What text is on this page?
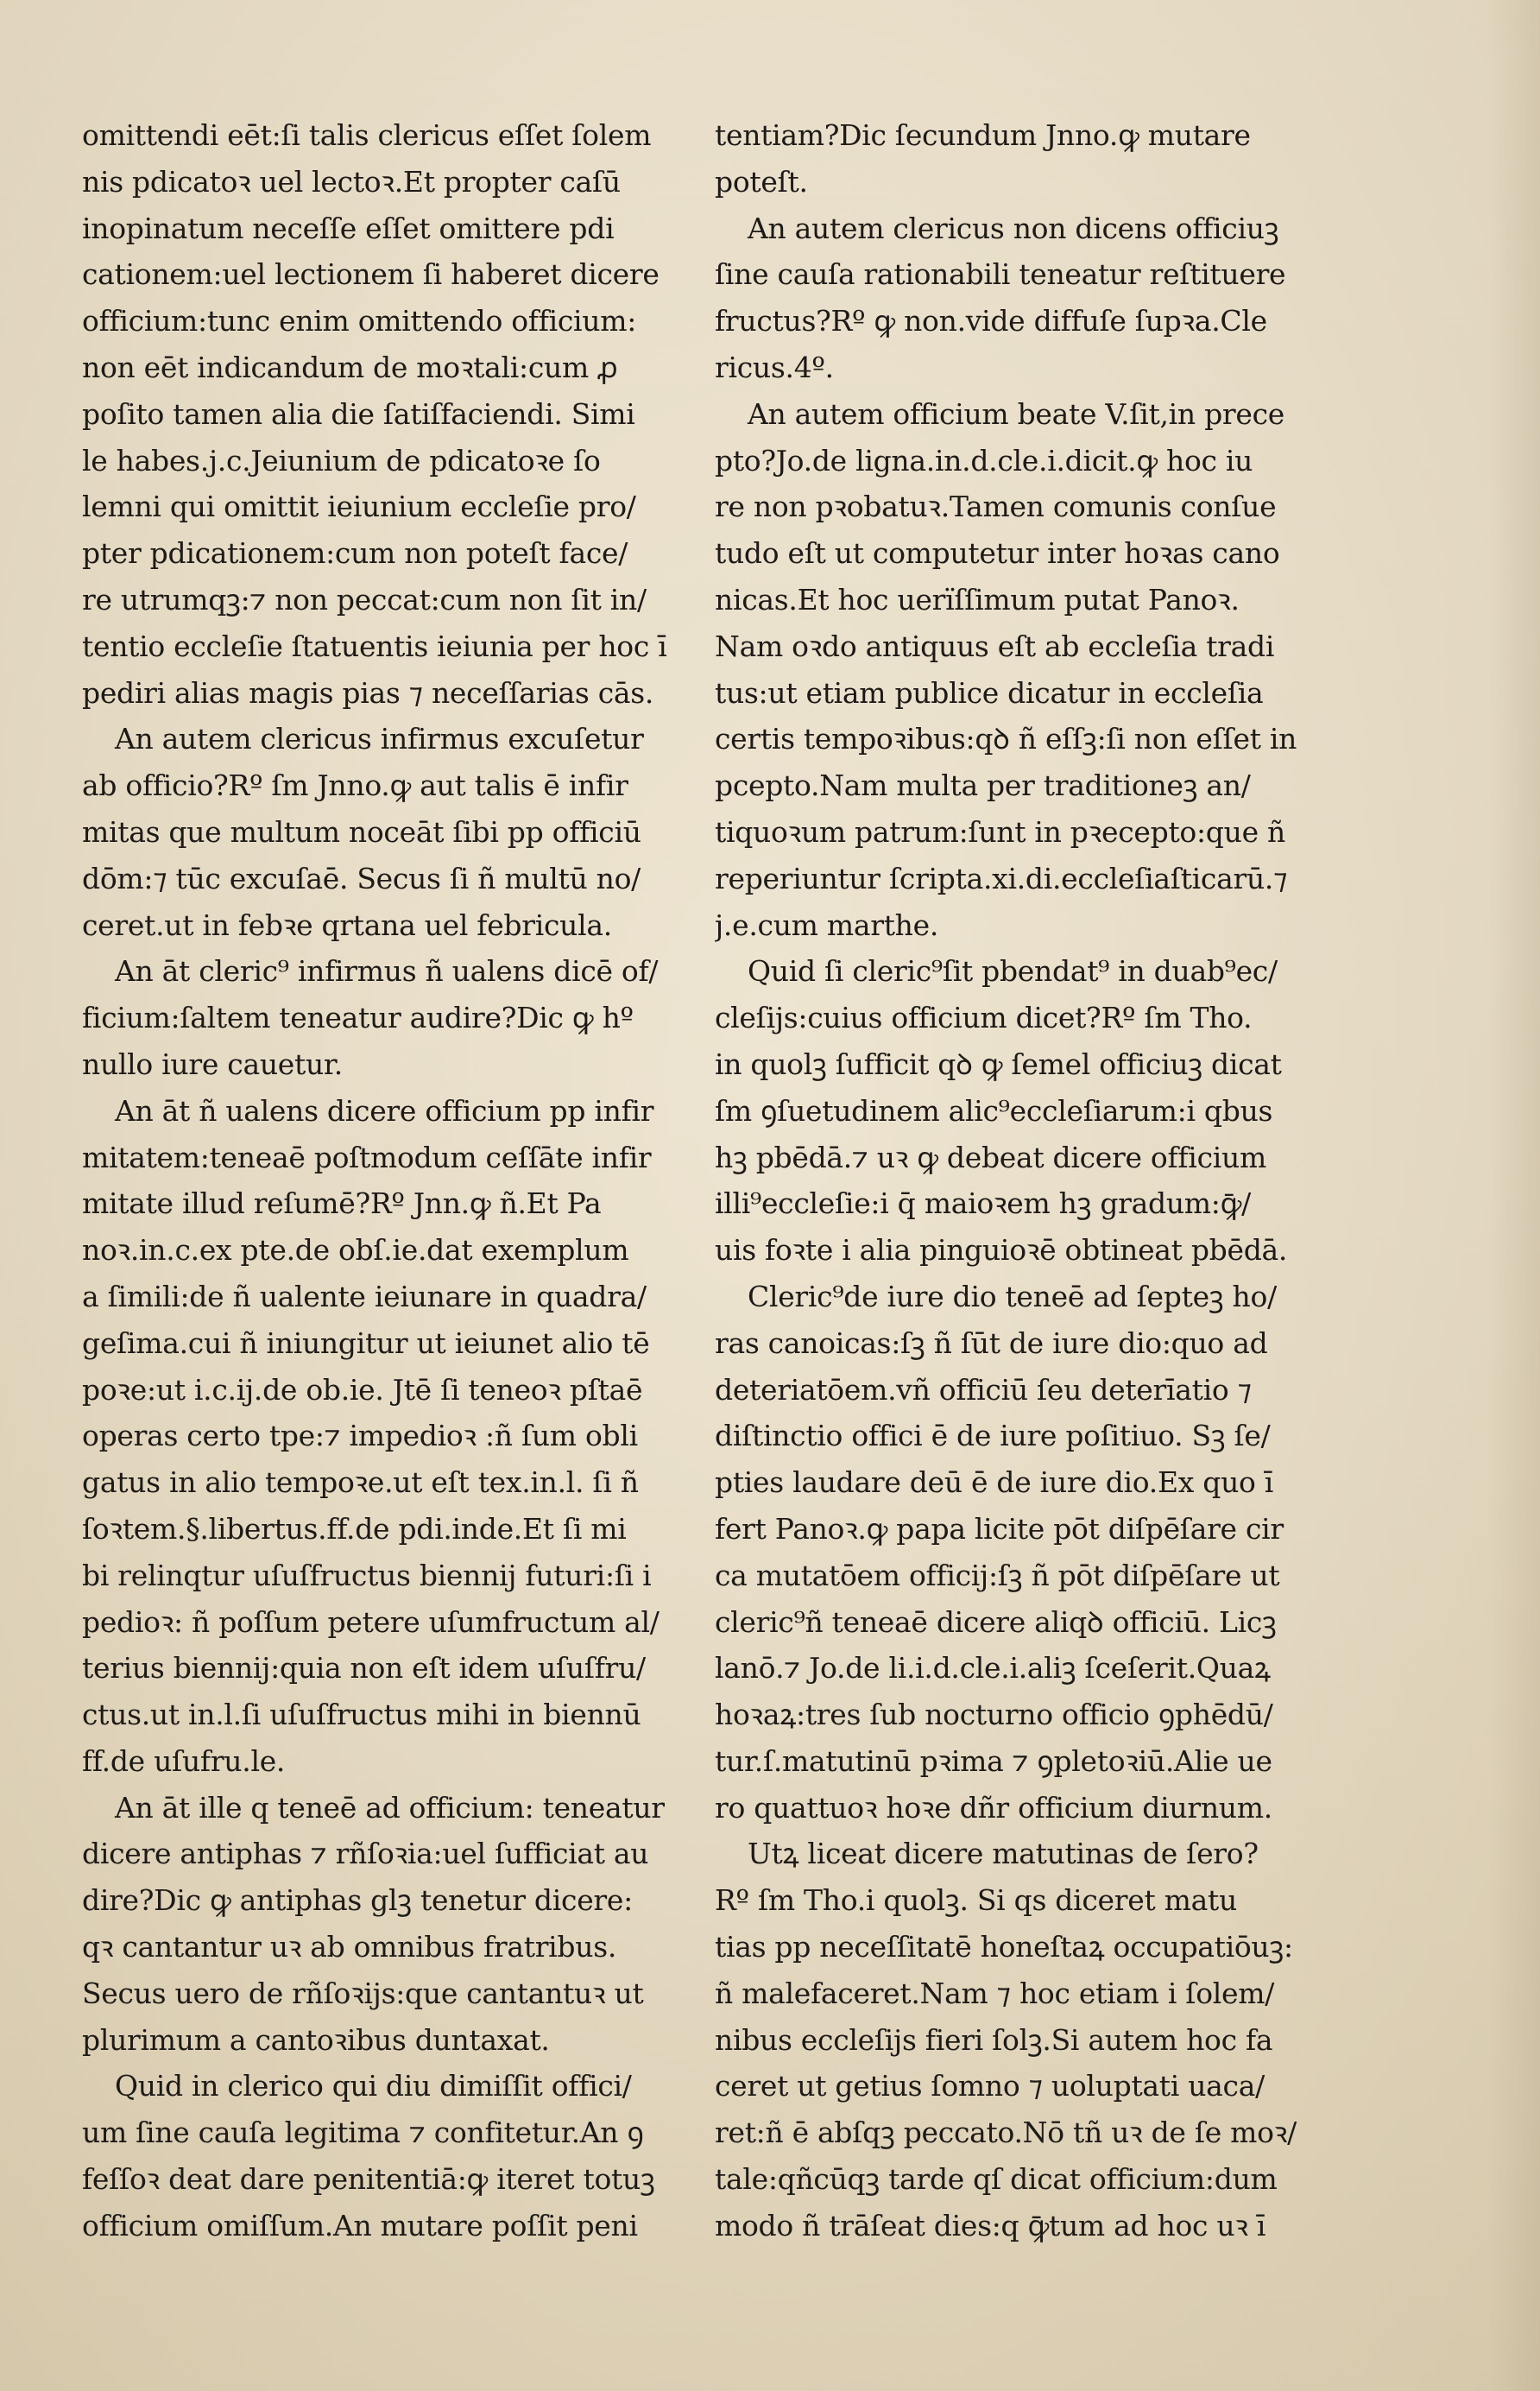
omittendi eēt:ſi talis clericus eſſet ſolem
nis pdicatoꝛ uel lectoꝛ.Et propter caſū
inopinatum neceſſe eſſet omittere pdi
cationem:uel lectionem ſi haberet dicere
officium:tunc enim omittendo officium:
non eēt indicandum de moꝛtali:cum ꝓ
poſito tamen alia die ſatiſfaciendi. Simi
le habes.j.c.Jeiunium de pdicatoꝛe ſo
lemni qui omittit ieiunium eccleſie pro/
pter pdicationem:cum non poteſt face/
re utrumqꝫ:⁊ non peccat:cum non ſit in/
tentio eccleſie ſtatuentis ieiunia per hoc ī
pediri alias magis pias ⁊ neceſſarias cās.
An autem clericus infirmus excuſetur
ab officio?Rº ſm Jnno.ꝙ aut talis ē infir
mitas que multum noceāt ſibi pp officiū
dōm:⁊ tūc excuſaē. Secus ſi ñ multū no/
ceret.ut in febꝛe qrtana uel febricula.
An āt cleric⁹ infirmus ñ ualens dicē of/
ficium:ſaltem teneatur audire?Dic ꝙ hº
nullo iure cauetur.
An āt ñ ualens dicere officium pp infir
mitatem:teneaē poſtmodum ceſſāte infir
mitate illud reſumē?Rº Jnn.ꝙ ñ.Et Pa
noꝛ.in.c.ex pte.de obſ.ie.dat exemplum
a ſimili:de ñ ualente ieiunare in quadra/
geſima.cui ñ iniungitur ut ieiunet alio tē
poꝛe:ut i.c.ij.de ob.ie. Jtē ſi teneoꝛ pſtaē
operas certo tpe:⁊ impedioꝛ :ñ ſum obli
gatus in alio tempoꝛe.ut eſt tex.in.l. ſi ñ
ſoꝛtem.§.libertus.ff.de pdi.inde.Et ſi mi
bi relinqtur uſuſfructus biennij futuri:ſi i
pedioꝛ: ñ poſſum petere uſumfructum al/
terius biennij:quia non eſt idem uſuſfru/
ctus.ut in.l.ſi uſuſfructus mihi in biennū
ff.de uſufru.le.
An āt ille q teneē ad officium: teneatur
dicere antiphas ⁊ rñſoꝛia:uel ſufficiat au
dire?Dic ꝙ antiphas glꝫ tenetur dicere:
qꝛ cantantur uꝛ ab omnibus fratribus.
Secus uero de rñſoꝛijs:que cantantuꝛ ut
plurimum a cantoꝛibus duntaxat.
Quid in clerico qui diu dimiſſit offici/
um ſine cauſa legitima ⁊ confitetur.An ꝯ
feſſoꝛ deat dare penitentiā:ꝙ iteret totuꝫ
officium omiſſum.An mutare poſſit peni
tentiam?Dic ſecundum Jnno.ꝙ mutare
poteſt.
An autem clericus non dicens officiuꝫ
ſine cauſa rationabili teneatur reſtituere
fructus?Rº ꝙ non.vide diffuſe ſupꝛa.Cle
ricus.4º.
An autem officium beate V.ſit,in prece
pto?Jo.de ligna.in.d.cle.i.dicit.ꝙ hoc iu
re non pꝛobatuꝛ.Tamen comunis conſue
tudo eſt ut computetur inter hoꝛas cano
nicas.Et hoc uerïſſimum putat Panoꝛ.
Nam oꝛdo antiquus eſt ab eccleſia tradi
tus:ut etiam publice dicatur in eccleſia
certis tempoꝛibus:qꝺ ñ eſſꝫ:ſi non eſſet in
pcepto.Nam multa per traditioneꝫ an/
tiquoꝛum patrum:ſunt in pꝛecepto:que ñ
reperiuntur ſcripta.xi.di.eccleſiaſticarū.⁊
j.e.cum marthe.
Quid ſi cleric⁹ſit pbendat⁹ in duab⁹ec/
cleſijs:cuius officium dicet?Rº ſm Tho.
in quolꝫ ſufficit qꝺ ꝙ ſemel officiuꝫ dicat
ſm ꝯſuetudinem alic⁹eccleſiarum:i qbus
hꝫ pbēdā.⁊ uꝛ ꝙ debeat dicere officium
illi⁹eccleſie:i q̄ maioꝛem hꝫ gradum:ꝙ̄/
uis foꝛte i alia pinguioꝛē obtineat pbēdā.
Cleric⁹de iure dio teneē ad ſepteꝫ ho/
ras canoicas:ſꝫ ñ ſūt de iure dio:quo ad
deteriatōem.vñ officiū ſeu deterīatio ⁊
diſtinctio offici ē de iure poſitiuo. Sꝫ ſe/
pties laudare deū ē de iure dio.Ex quo ī
fert Panoꝛ.ꝙ papa licite pōt diſpēſare cir
ca mutatōem officij:ſꝫ ñ pōt diſpēſare ut
cleric⁹ñ teneaē dicere aliqꝺ officiū. Licꝫ
lanō.⁊ Jo.de li.i.d.cle.i.aliꝫ ſceſerit.Quaꝝ
hoꝛaꝝ:tres ſub nocturno officio ꝯphēdū/
tur.ſ.matutinū pꝛima ⁊ ꝯpletoꝛiū.Alie ue
ro quattuoꝛ hoꝛe dñr officium diurnum.
Utꝝ liceat dicere matutinas de ſero?
Rº ſm Tho.i quolꝫ. Si qs diceret matu
tias pp neceſſitatē honeſtaꝝ occupatiōuꝫ:
ñ malefaceret.Nam ⁊ hoc etiam i ſolem/
nibus eccleſijs fieri ſolꝫ.Si autem hoc fa
ceret ut getius ſomno ⁊ uoluptati uaca/
ret:ñ ē abſqꝫ peccato.Nō tñ uꝛ de ſe moꝛ/
tale:qñcūqꝫ tarde qſ dicat officium:dum
modo ñ trāſeat dies:q ꝙ̄tum ad hoc uꝛ ī
